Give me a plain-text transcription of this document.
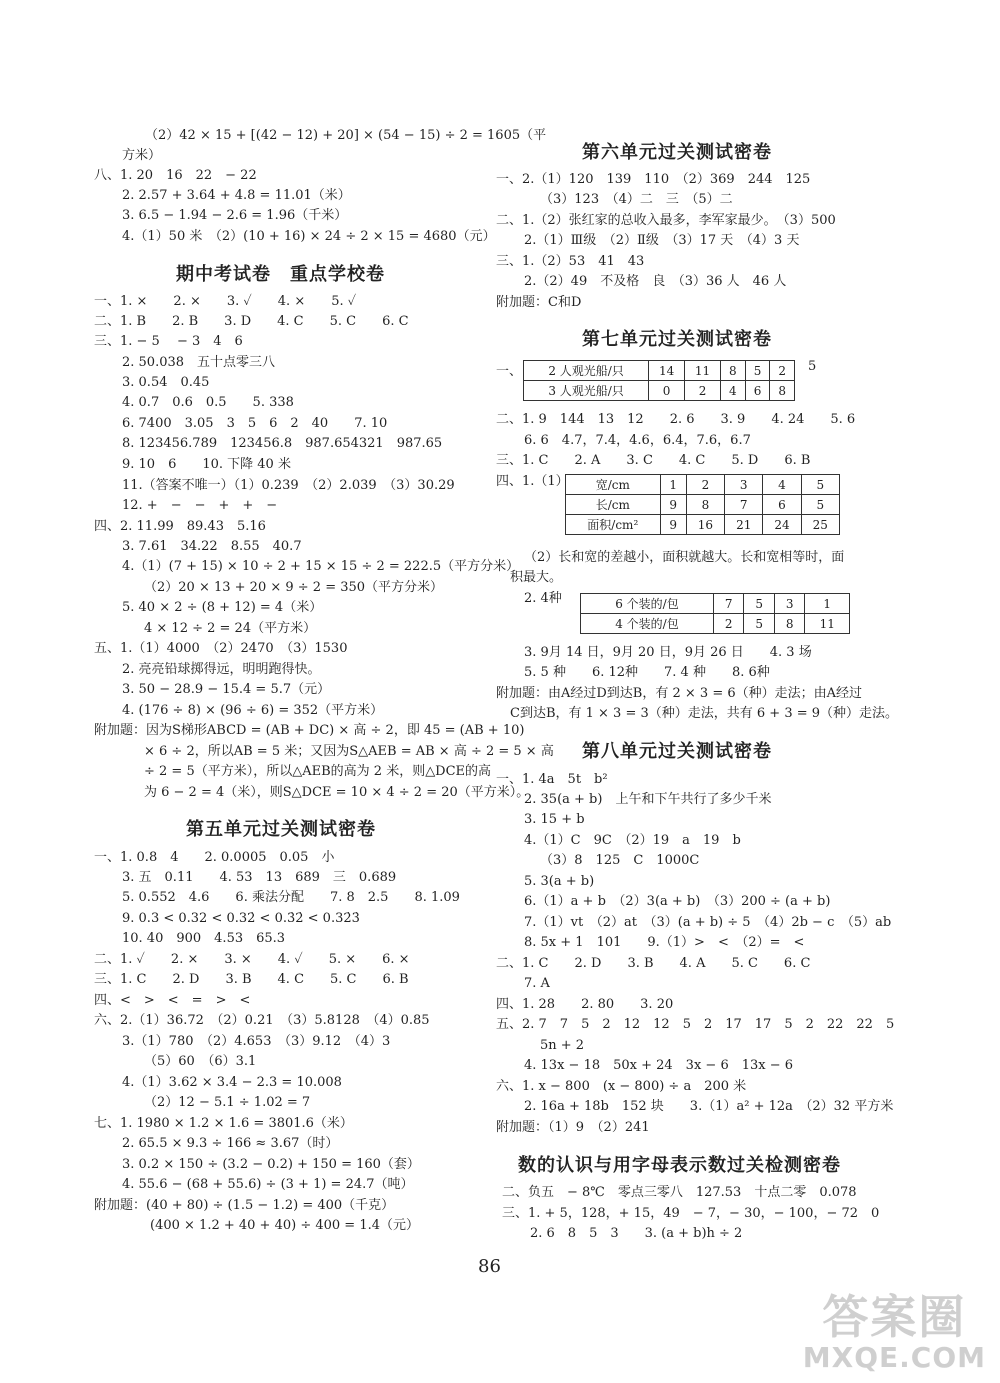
（2）42 × 15 + [(42 − 12) + 20] × (54 − 15) ÷ 2 = 1605（平
方米）
八、1. 20　16　22　− 22
2. 2.57 + 3.64 + 4.8 = 11.01（米）
3. 6.5 − 1.94 − 2.6 = 1.96（千米）
4.（1）50 米　（2）(10 + 16) × 24 ÷ 2 × 15 = 4680（元）
期中考试卷　重点学校卷
一、1. ×　　2. ×　　3. ✓　　4. ×　　5. ✓
二、1. B　　2. B　　3. D　　4. C　　5. C　　6. C
三、1. − 5　 − 3　4　6
2. 50.038　五十点零三八
3. 0.54　0.45
4. 0.7　0.6　0.5　　5. 338
6. 7400　3.05　3　5　6　2　40　　7. 10
8. 123456.789　123456.8　987.654321　987.65
9. 10　6　　10. 下降 40 米
11.（答案不唯一）（1）0.239　（2）2.039　（3）30.29
12. +　−　−　+　+　−
四、2. 11.99　89.43　5.16
3. 7.61　34.22　8.55　40.7
4.（1）(7 + 15) × 10 ÷ 2 + 15 × 15 ÷ 2 = 222.5（平方分米）
（2）20 × 13 + 20 × 9 ÷ 2 = 350（平方分米）
5. 40 × 2 ÷ (8 + 12) = 4（米）
4 × 12 ÷ 2 = 24（平方米）
五、1.（1）4000　（2）2470　（3）1530
2. 亮亮铅球掷得远，明明跑得快。
3. 50 − 28.9 − 15.4 = 5.7（元）
4. (176 ÷ 8) × (96 ÷ 6) = 352（平方米）
附加题：因为S梯形ABCD = (AB + DC) × 高 ÷ 2，即 45 = (AB + 10)
× 6 ÷ 2，所以AB = 5 米；又因为S△AEB = AB × 高 ÷ 2 = 5 × 高
÷ 2 = 5（平方米），所以△AEB的高为 2 米，则△DCE的高
为 6 − 2 = 4（米），则S△DCE = 10 × 4 ÷ 2 = 20（平方米）。
第五单元过关测试密卷
一、1. 0.8　4　　2. 0.0005　0.05　小
3. 五　0.11　　4. 53　13　689　三　0.689
5. 0.552　4.6　　6. 乘法分配　　7. 8　2.5　　8. 1.09
9. 0.3 < 0.32 < 0.32̇ < 0.3̇2̇ < 0.32̇3̇
10. 40　900　4.53　65.3
二、1. ✓　　2. ×　　3. ×　　4. ✓　　5. ×　　6. ×
三、1. C　　2. D　　3. B　　4. C　　5. C　　6. B
四、<　>　<　=　>　<
六、2.（1）36.72　（2）0.21　（3）5.8128　（4）0.85
3.（1）780　（2）4.653　（3）9.12　（4）3
（5）60　（6）3.1
4.（1）3.62 × 3.4 − 2.3 = 10.008
（2）12 − 5.1 ÷ 1.02 = 7
七、1. 1980 × 1.2 × 1.6 = 3801.6（米）
2. 65.5 × 9.3 ÷ 166 ≈ 3.67（时）
3. 0.2 × 150 ÷ (3.2 − 0.2) + 150 = 160（套）
4. 55.6 − (68 + 55.6) ÷ (3 + 1) = 24.7（吨）
附加题：(40 + 80) ÷ (1.5 − 1.2) = 400（千克）
(400 × 1.2 + 40 + 40) ÷ 400 = 1.4（元）
第六单元过关测试密卷
一、2.（1）120　139　110　（2）369　244　125
（3）123　（4）二　三　（5）二
二、1.（2）张红家的总收入最多，李军家最少。　（3）500
2.（1）Ⅲ级　（2）Ⅱ级　（3）17 天　（4）3 天
三、1.（2）53　41　43
2.（2）49　不及格　良　（3）36 人　46 人
附加题：C和D
第七单元过关测试密卷
一、 2 人观光船/只	14	11	8	5	2
3 人观光船/只	0	2	4	6	8
5
二、1. 9　144　13　12　　2. 6　　3. 9　　4. 24　　5. 6
6. 6　4.7，7.4，4.6，6.4，7.6，6.7
三、1. C　　2. A　　3. C　　4. C　　5. D　　6. B
四、1.（1） 宽/cm	1	2	3	4	5
长/cm	9	8	7	6	5
面积/cm²	9	16	21	24	25
（2）长和宽的差越小，面积就越大。长和宽相等时，面
积最大。
2. 4种	6 个装的/包	7	5	3	1
4 个装的/包	2	5	8	11
3. 9月 14 日，9月 20 日，9月 26 日　　4. 3 场
5. 5 种　　6. 12种　　7. 4 种　　8. 6种
附加题：由A经过D到达B，有 2 × 3 = 6（种）走法；由A经过
C到达B，有 1 × 3 = 3（种）走法，共有 6 + 3 = 9（种）走法。
第八单元过关测试密卷
一、1. 4a　5t　b²
2. 35(a + b)　上午和下午共行了多少千米
3. 15 + b
4.（1）C　9C　（2）19　a　19　b
（3）8　125　C　1000C
5. 3(a + b)
6.（1）a + b　（2）3(a + b)　（3）200 ÷ (a + b)
7.（1）vt　（2）at　（3）(a + b) ÷ 5　（4）2b − c　（5）ab
8. 5x + 1　101　　9.（1）>　<　（2）=　<
二、1. C　　2. D　　3. B　　4. A　　5. C　　6. C
7. A
四、1. 28　　2. 80　　3. 20
五、2. 7　7　5　2　12　12　5　2　17　17　5　2　22　22　5
5n + 2
4. 13x − 18　50x + 24　3x − 6　13x − 6
六、1. x − 800　(x − 800) ÷ a　200 米
2. 16a + 18b　152 块　　3.（1）a² + 12a　（2）32 平方米
附加题：（1）9　（2）241
数的认识与用字母表示数过关检测密卷
二、负五　− 8℃　零点三零八　127.53　十点二零　0.078
三、1. + 5，128，+ 15，49　− 7，− 30，− 100，− 72　0
2. 6　8　5　3　　3. (a + b)h ÷ 2
86
答案圈
MXQE.COM
